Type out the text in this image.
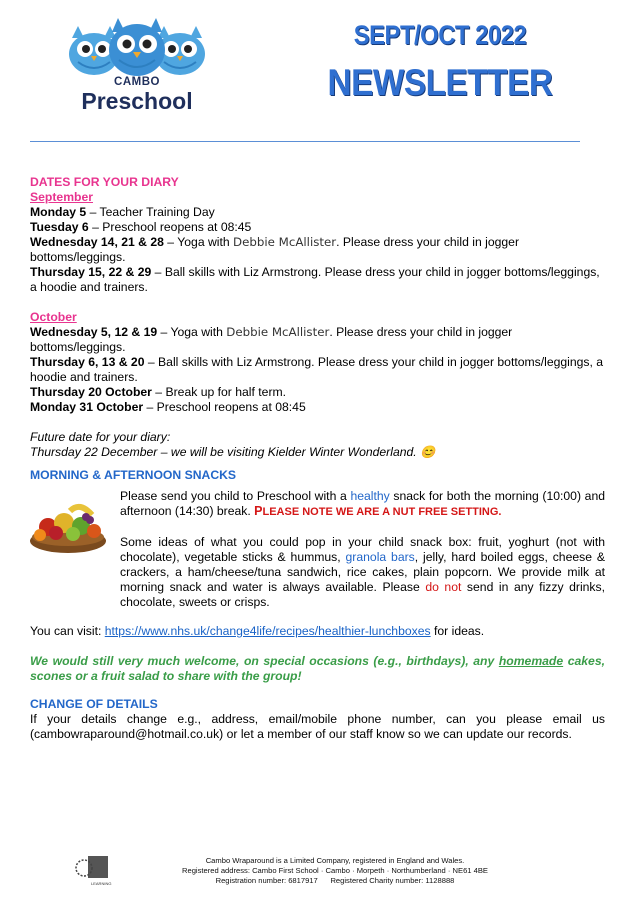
CAMBO
Preschool
SEPT/OCT 2022
NEWSLETTER

DATES FOR YOUR DIARY

September

Monday 5 – Teacher Training Day

Tuesday 6 – Preschool reopens at 08:45

Wednesday 14, 21 & 28 – Yoga with Debbie McAllister. Please dress your child in jogger bottoms/leggings.

Thursday 15, 22 & 29 – Ball skills with Liz Armstrong. Please dress your child in jogger bottoms/leggings, a hoodie and trainers.

October

Wednesday 5, 12 & 19 – Yoga with Debbie McAllister. Please dress your child in jogger bottoms/leggings.

Thursday 6, 13 & 20 – Ball skills with Liz Armstrong. Please dress your child in jogger bottoms/leggings, a hoodie and trainers.

Thursday 20 October – Break up for half term.

Monday 31 October – Preschool reopens at 08:45

Future date for your diary:

Thursday 22 December – we will be visiting Kielder Winter Wonderland. 😊

MORNING & AFTERNOON SNACKS

Please send you child to Preschool with a healthy snack for both the morning (10:00) and afternoon (14:30) break. PLEASE NOTE WE ARE A NUT FREE SETTING.

Some ideas of what you could pop in your child snack box: fruit, yoghurt (not with chocolate), vegetable sticks & hummus, granola bars, jelly, hard boiled eggs, cheese & crackers, a ham/cheese/tuna sandwich, rice cakes, plain popcorn. We provide milk at morning snack and water is always available. Please do not send in any fizzy drinks, chocolate, sweets or crisps.

You can visit: https://www.nhs.uk/change4life/recipes/healthier-lunchboxes for ideas.

We would still very much welcome, on special occasions (e.g., birthdays), any homemade cakes, scones or a fruit salad to share with the group!

CHANGE OF DETAILS

If your details change e.g., address, email/mobile phone number, can you please email us (cambowraparound@hotmail.co.uk) or let a member of our staff know so we can update our records.

LEARNING
Cambo Wraparound is a Limited Company, registered in England and Wales.
Registered address: Cambo First School · Cambo · Morpeth · Northumberland · NE61 4BE
Registration number: 6817917 Registered Charity number: 1128888
